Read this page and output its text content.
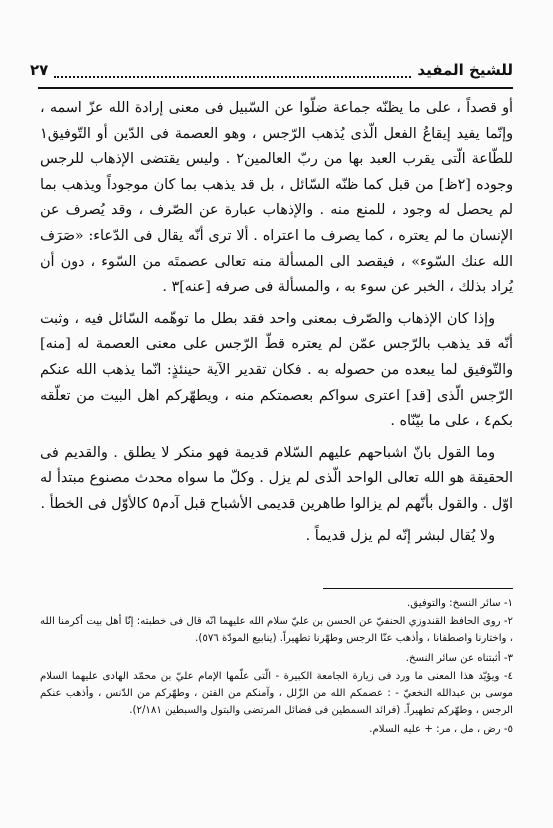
للشيخ المفيد
٢٧

أو قصداً ، على ما يظنّه جماعة ضلّوا عن السّبيل فى معنى إرادة الله عزّ اسمه ، وإنّما يفيد إيقاعُ الفعل الّذى يُذهب الرّجس ، وهو العصمة فى الدّين أو التّوفيق١ للطّاعة الّتى يقرب العبد بها من ربّ العالمين٢ . وليس يقتضى الإذهاب للرجس وجوده [٢ظ] من قبل كما ظنّه السّائل ، بل قد يذهب بما كان موجوداً ويذهب بما لم يحصل له وجود ، للمنع منه . والإذهاب عبارة عن الصّرف ، وقد يُصرف عن الإنسان ما لم يعتره ، كما يصرف ما اعتراه . ألا ترى أنّه يقال فى الدّعاء: «صَرَف الله عنك السّوء» ، فيقصد الى المسألة منه تعالى عصمتَه من السّوء ، دون أن يُراد بذلك ، الخبر عن سوء به ، والمسألة فى صرفه [عنه]٣ .

وإذا كان الإذهاب والصّرف بمعنى واحد فقد بطل ما توهّمه السّائل فيه ، وثبت أنّه قد يذهب بالرّجس عمّن لم يعتره قطّ الرّجس على معنى العصمة له [منه] والتّوفيق لما يبعده من حصوله به . فكان تقدير الآية حينئذٍ: انّما يذهب الله عنكم الرّجس الّذى [قد] اعترى سواكم بعصمتكم منه ، ويطهّركم اهل البيت من تعلّقه بكم٤ ، على ما بيّنّاه .

وما القول بانّ اشباحهم عليهم السّلام قديمة فهو منكر لا يطلق . والقديم فى الحقيقة هو الله تعالى الواحد الّذى لم يزل . وكلّ ما سواه محدث مصنوع مبتدأ له اوّل . والقول بأنّهم لم يزالوا طاهرين قديمى الأشباح قبل آدم٥ كالأوّل فى الخطأ .

ولا يُقال لبشر إنّه لم يزل قديماً .

١- سائر النسخ: والتوفيق.
٢- روى الحافظ القندوزي الحنفيّ عن الحسن بن عليّ سلام الله عليهما انّه قال فى خطبته: إنّا أهل بيت أكرمنا الله ، واختارنا واصطفانا ، وأذهب عنّا الرجس وطهّرنا تطهيراً. (ينابيع المودّة ٥٧٦).
٣- أثبتناه عن سائر النسخ.
٤- ويؤيّد هذا المعنى ما ورد فى زيارة الجامعة الكبيرة - الّتى علّمها الإمام عليّ بن محمّد الهادى عليهما السلام موسى بن عبدالله النخعيّ - : عصمكم الله من الزّلل ، وآمنكم من الفتن ، وطهّركم من الدّنس ، وأذهب عنكم الرجس ، وطهّركم تطهيراً. (فرائد السمطين فى فضائل المرتضى والبتول والسبطين ٢/١٨١).
٥- رض ، مل ، مر: + عليه السلام.
